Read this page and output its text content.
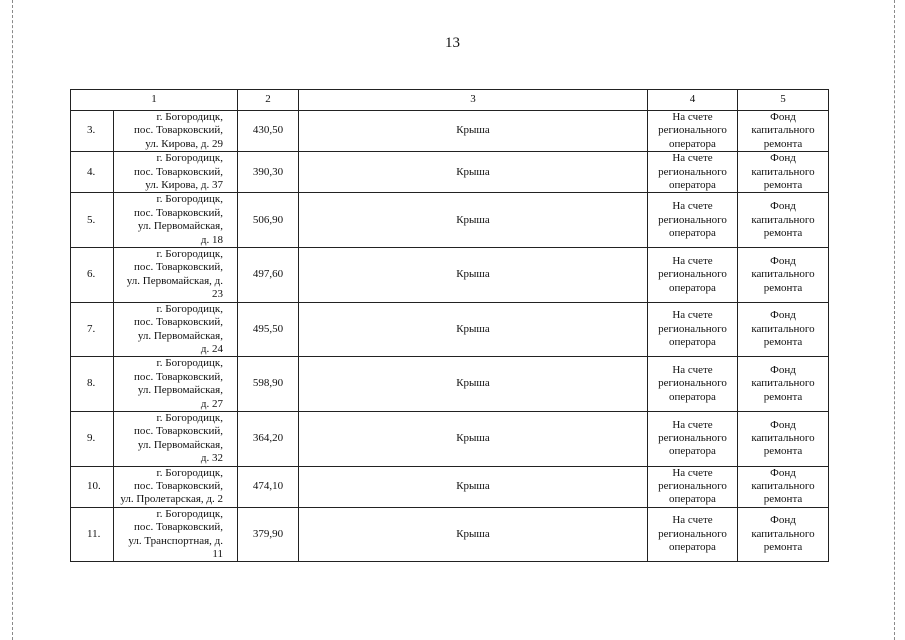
13
1		2	3	4	5
3.	г. Богородицк,
пос. Товарковский,
ул. Кирова, д. 29	430,50	Крыша	На счете
регионального
оператора	Фонд
капитального
ремонта
4.	г. Богородицк,
пос. Товарковский,
ул. Кирова, д. 37	390,30	Крыша	На счете
регионального
оператора	Фонд
капитального
ремонта
5.	г. Богородицк,
пос. Товарковский,
ул. Первомайская,
д. 18	506,90	Крыша	На счете
регионального
оператора	Фонд
капитального
ремонта
6.	г. Богородицк,
пос. Товарковский,
ул. Первомайская, д.
23	497,60	Крыша	На счете
регионального
оператора	Фонд
капитального
ремонта
7.	г. Богородицк,
пос. Товарковский,
ул. Первомайская,
д. 24	495,50	Крыша	На счете
регионального
оператора	Фонд
капитального
ремонта
8.	г. Богородицк,
пос. Товарковский,
ул. Первомайская,
д. 27	598,90	Крыша	На счете
регионального
оператора	Фонд
капитального
ремонта
9.	г. Богородицк,
пос. Товарковский,
ул. Первомайская,
д. 32	364,20	Крыша	На счете
регионального
оператора	Фонд
капитального
ремонта
10.	г. Богородицк,
пос. Товарковский,
ул. Пролетарская, д. 2	474,10	Крыша	На счете
регионального
оператора	Фонд
капитального
ремонта
11.	г. Богородицк,
пос. Товарковский,
ул. Транспортная, д. 11	379,90	Крыша	На счете
регионального
оператора	Фонд
капитального
ремонта
